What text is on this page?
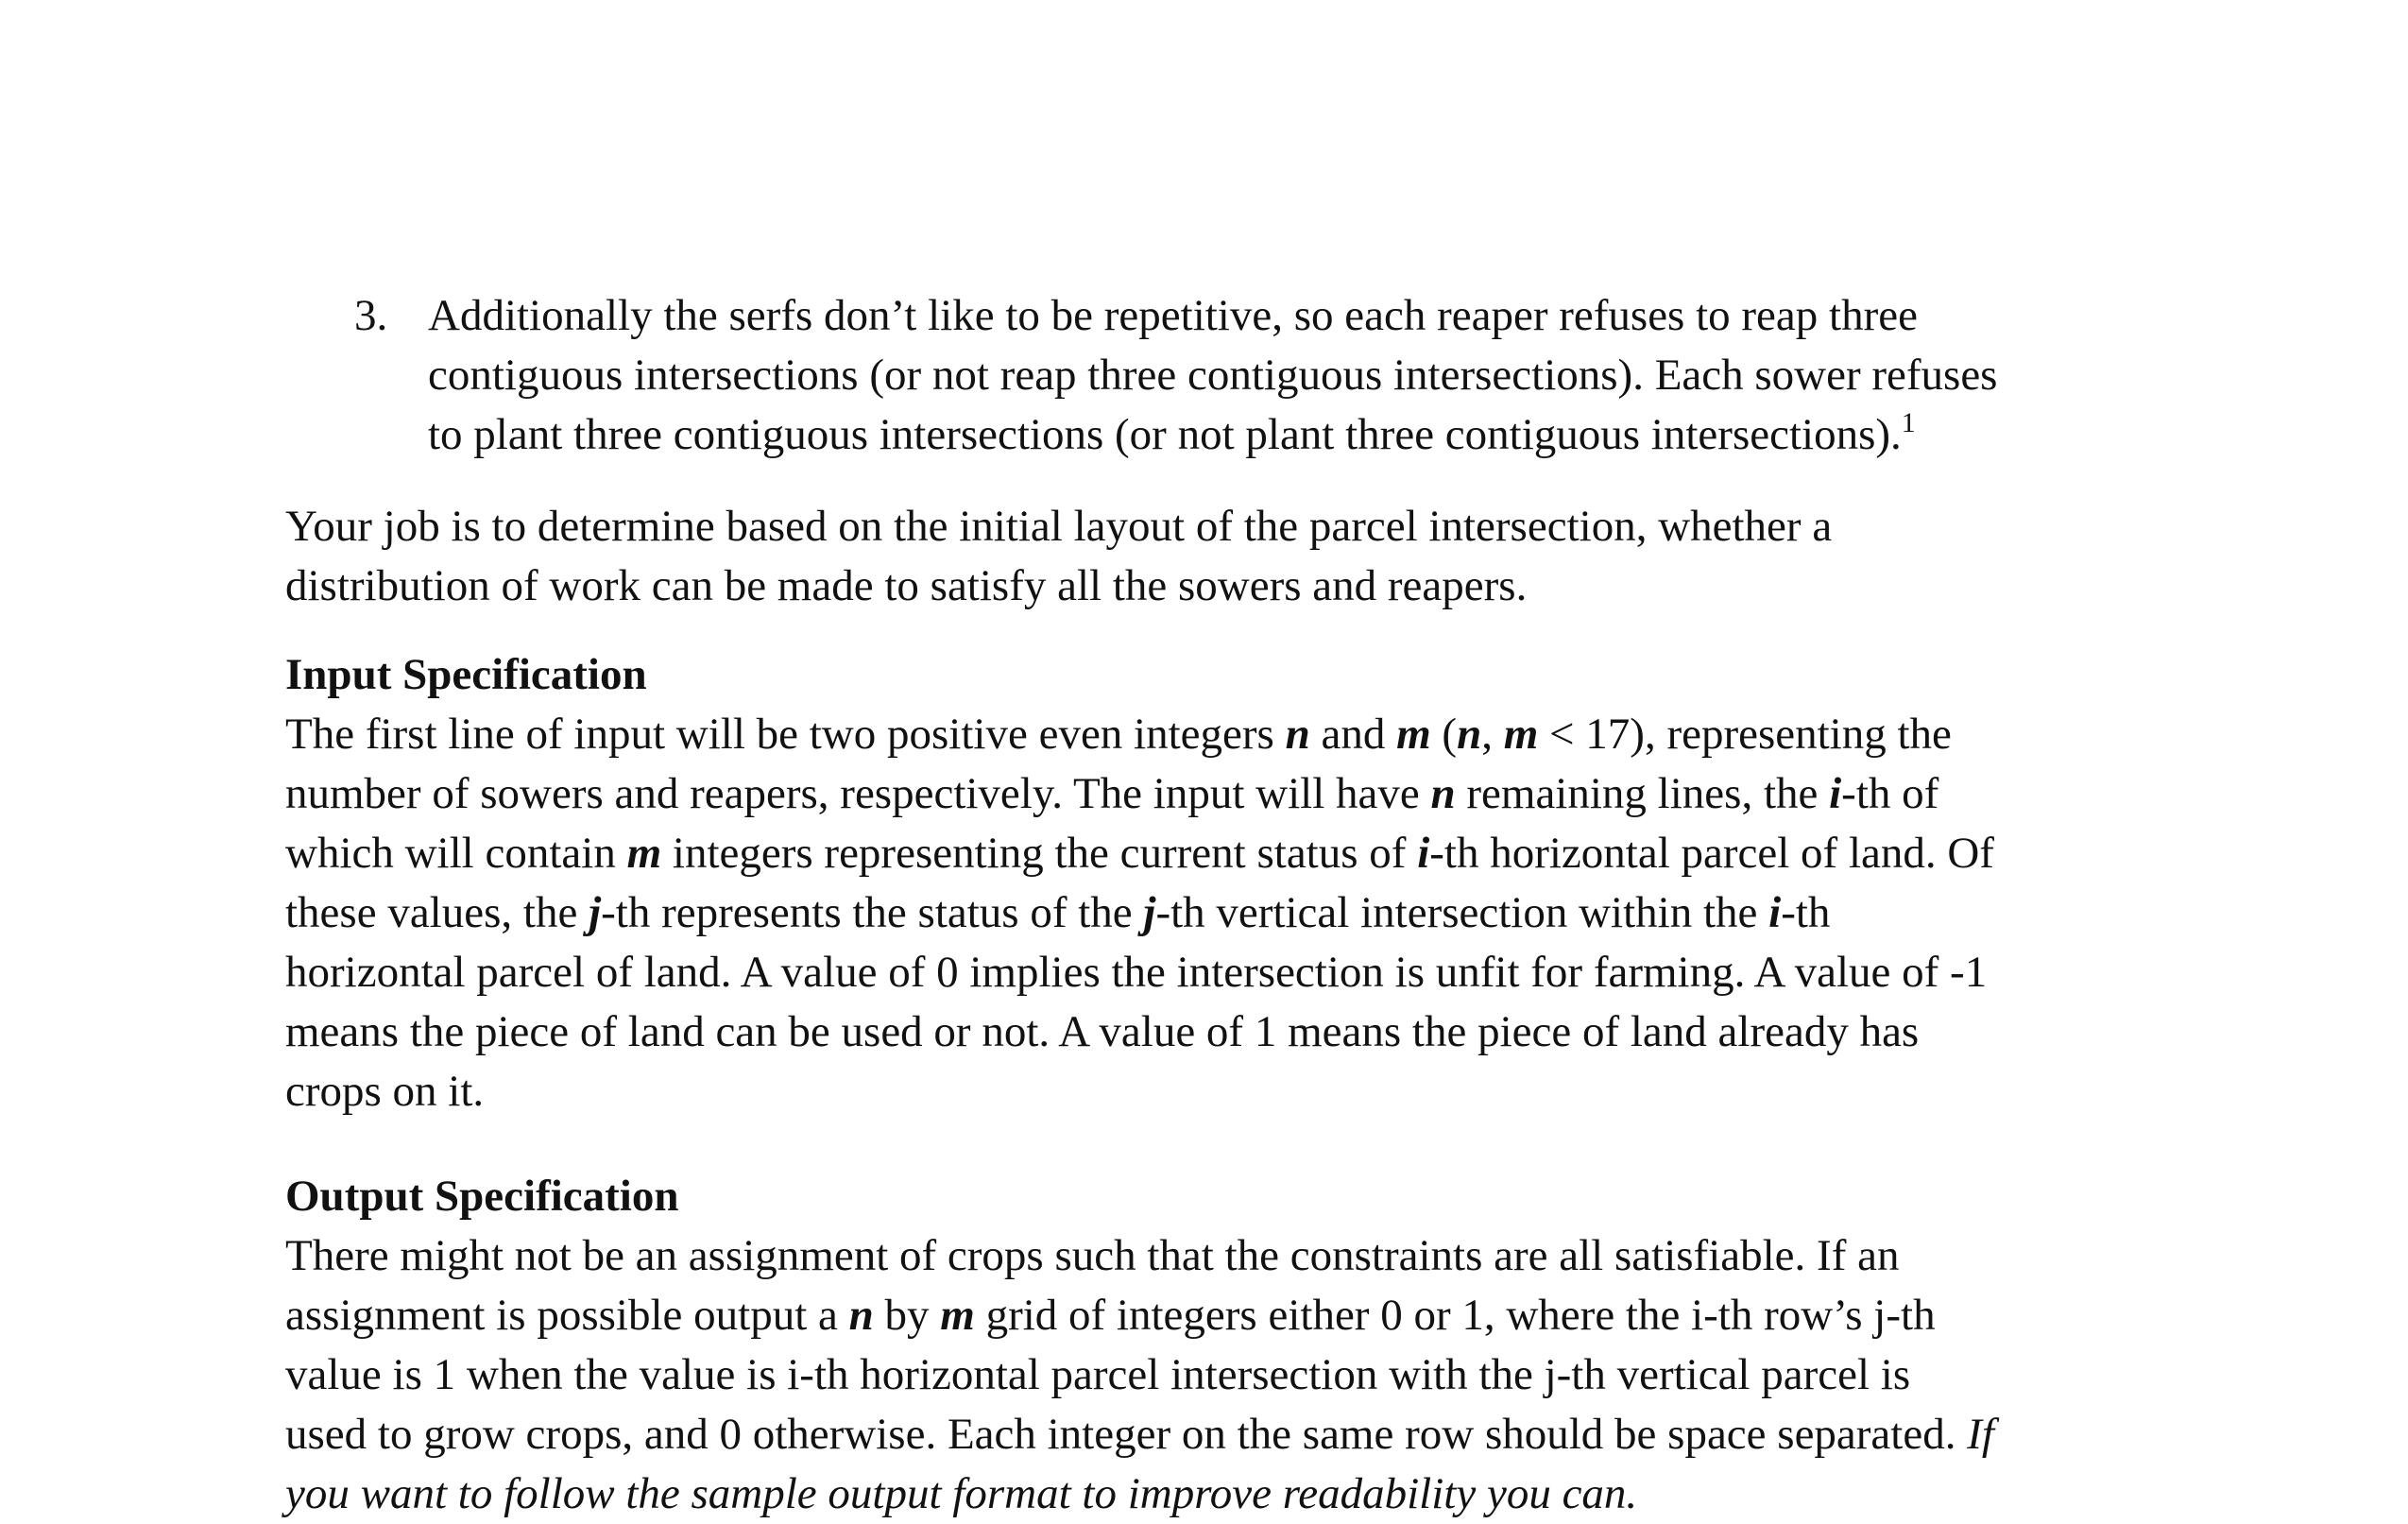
3. Additionally the serfs don’t like to be repetitive, so each reaper refuses to reap three
contiguous intersections (or not reap three contiguous intersections). Each sower refuses
to plant three contiguous intersections (or not plant three contiguous intersections).$^1$
Your job is to determine based on the initial layout of the parcel intersection, whether a
distribution of work can be made to satisfy all the sowers and reapers.
Input Specification
The first line of input will be two positive even integers n and m (n, m < 17), representing the
number of sowers and reapers, respectively. The input will have n remaining lines, the i-th of
which will contain m integers representing the current status of i-th horizontal parcel of land. Of
these values, the j-th represents the status of the j-th vertical intersection within the i-th
horizontal parcel of land. A value of 0 implies the intersection is unfit for farming. A value of -1
means the piece of land can be used or not. A value of 1 means the piece of land already has
crops on it.
Output Specification
There might not be an assignment of crops such that the constraints are all satisfiable. If an
assignment is possible output a n by m grid of integers either 0 or 1, where the i-th row’s j-th
value is 1 when the value is i-th horizontal parcel intersection with the j-th vertical parcel is
used to grow crops, and 0 otherwise. Each integer on the same row should be space separated. If
you want to follow the sample output format to improve readability you can.
